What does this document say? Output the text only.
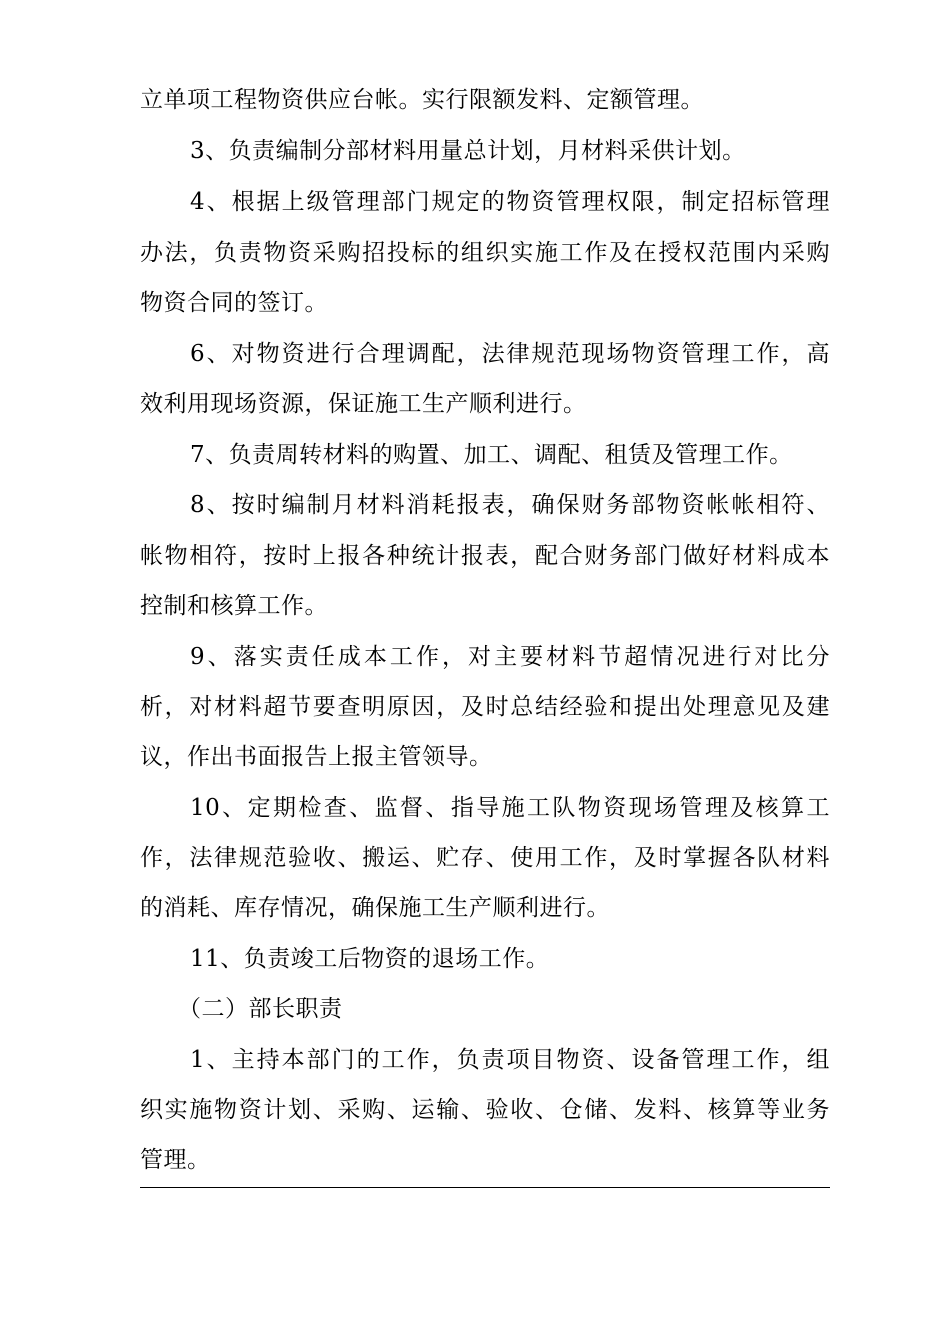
立单项工程物资供应台帐。实行限额发料、定额管理。
3、负责编制分部材料用量总计划，月材料采供计划。
4、根据上级管理部门规定的物资管理权限，制定招标管理
办法，负责物资采购招投标的组织实施工作及在授权范围内采购
物资合同的签订。
6、对物资进行合理调配，法律规范现场物资管理工作，高
效利用现场资源，保证施工生产顺利进行。
7、负责周转材料的购置、加工、调配、租赁及管理工作。
8、按时编制月材料消耗报表，确保财务部物资帐帐相符、
帐物相符，按时上报各种统计报表，配合财务部门做好材料成本
控制和核算工作。
9、落实责任成本工作，对主要材料节超情况进行对比分
析，对材料超节要查明原因，及时总结经验和提出处理意见及建
议，作出书面报告上报主管领导。
10、定期检查、监督、指导施工队物资现场管理及核算工
作，法律规范验收、搬运、贮存、使用工作，及时掌握各队材料
的消耗、库存情况，确保施工生产顺利进行。
11、负责竣工后物资的退场工作。
（二）部长职责
1、主持本部门的工作，负责项目物资、设备管理工作，组
织实施物资计划、采购、运输、验收、仓储、发料、核算等业务
管理。
